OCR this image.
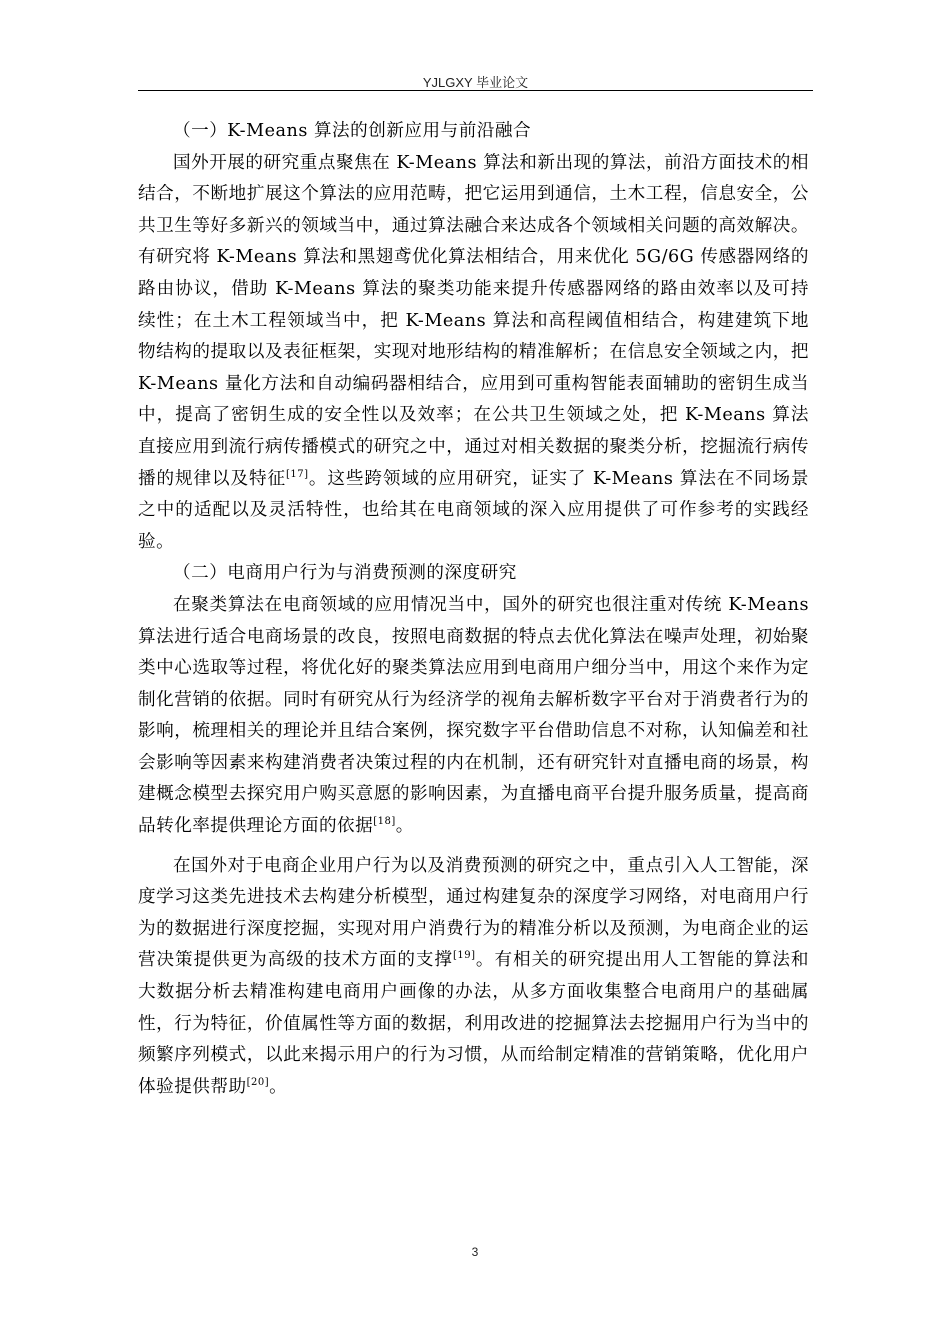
YJLGXY 毕业论文

（一）K-Means 算法的创新应用与前沿融合

国外开展的研究重点聚焦在 K-Means 算法和新出现的算法，前沿方面技术的相结合，不断地扩展这个算法的应用范畴，把它运用到通信，土木工程，信息安全，公共卫生等好多新兴的领域当中，通过算法融合来达成各个领域相关问题的高效解决。有研究将 K-Means 算法和黑翅鸢优化算法相结合，用来优化 5G/6G 传感器网络的路由协议，借助 K-Means 算法的聚类功能来提升传感器网络的路由效率以及可持续性；在土木工程领域当中，把 K-Means 算法和高程阈值相结合，构建建筑下地物结构的提取以及表征框架，实现对地形结构的精准解析；在信息安全领域之内，把 K-Means 量化方法和自动编码器相结合，应用到可重构智能表面辅助的密钥生成当中，提高了密钥生成的安全性以及效率；在公共卫生领域之处，把 K-Means 算法直接应用到流行病传播模式的研究之中，通过对相关数据的聚类分析，挖掘流行病传播的规律以及特征[17]。这些跨领域的应用研究，证实了 K-Means 算法在不同场景之中的适配以及灵活特性，也给其在电商领域的深入应用提供了可作参考的实践经验。

（二）电商用户行为与消费预测的深度研究

在聚类算法在电商领域的应用情况当中，国外的研究也很注重对传统 K-Means 算法进行适合电商场景的改良，按照电商数据的特点去优化算法在噪声处理，初始聚类中心选取等过程，将优化好的聚类算法应用到电商用户细分当中，用这个来作为定制化营销的依据。同时有研究从行为经济学的视角去解析数字平台对于消费者行为的影响，梳理相关的理论并且结合案例，探究数字平台借助信息不对称，认知偏差和社会影响等因素来构建消费者决策过程的内在机制，还有研究针对直播电商的场景，构建概念模型去探究用户购买意愿的影响因素，为直播电商平台提升服务质量，提高商品转化率提供理论方面的依据[18]。

在国外对于电商企业用户行为以及消费预测的研究之中，重点引入人工智能，深度学习这类先进技术去构建分析模型，通过构建复杂的深度学习网络，对电商用户行为的数据进行深度挖掘，实现对用户消费行为的精准分析以及预测，为电商企业的运营决策提供更为高级的技术方面的支撑[19]。有相关的研究提出用人工智能的算法和大数据分析去精准构建电商用户画像的办法，从多方面收集整合电商用户的基础属性，行为特征，价值属性等方面的数据，利用改进的挖掘算法去挖掘用户行为当中的频繁序列模式，以此来揭示用户的行为习惯，从而给制定精准的营销策略，优化用户体验提供帮助[20]。

3
